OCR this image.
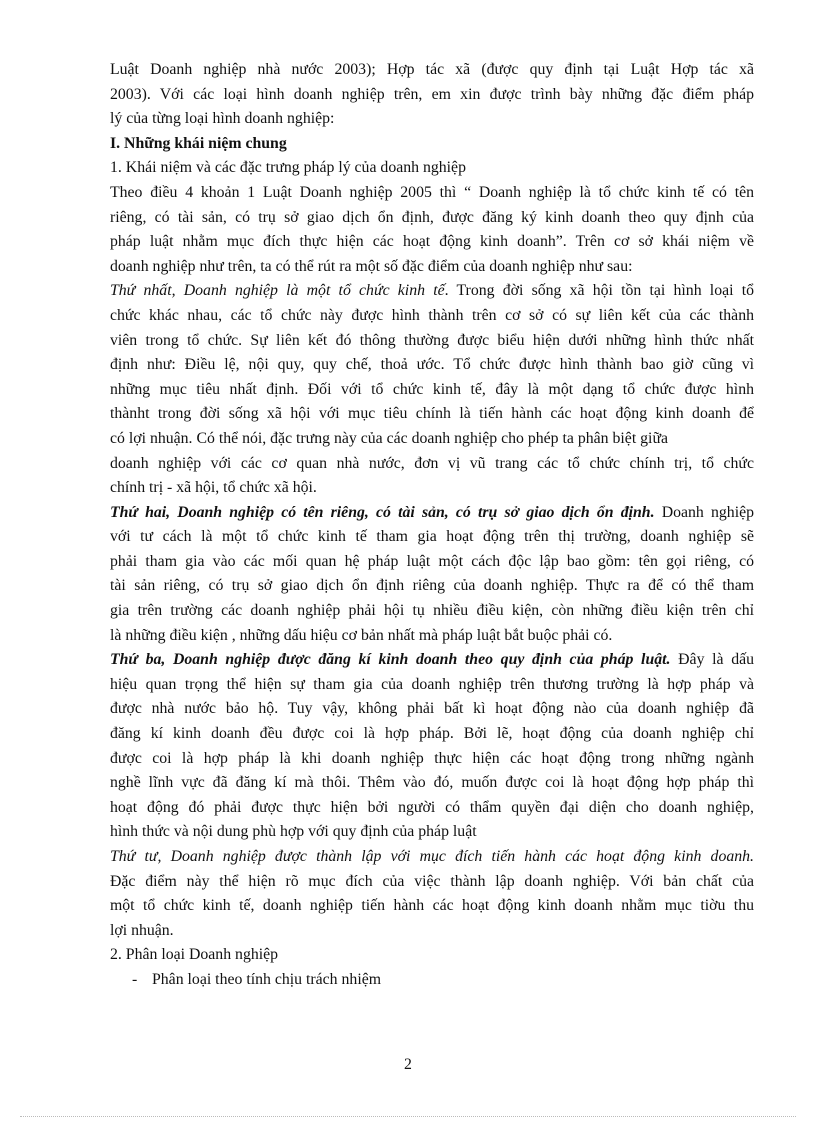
Luật Doanh nghiệp nhà nước 2003); Hợp tác xã (được quy định tại Luật Hợp tác xã
2003). Với các loại hình doanh nghiệp trên, em xin được trình bày những đặc điểm pháp
lý của từng loại hình doanh nghiệp:
I. Những khái niệm chung
1. Khái niệm và các đặc trưng pháp lý của doanh nghiệp
Theo điều 4 khoản 1 Luật Doanh nghiệp 2005 thì “ Doanh nghiệp là tổ chức kinh tế có tên
riêng, có tài sản, có trụ sở giao dịch ổn định, được đăng ký kinh doanh theo quy định của
pháp luật nhằm mục đích thực hiện các hoạt động kinh doanh”. Trên cơ sở khái niệm về
doanh nghiệp như trên, ta có thể rút ra một số đặc điểm của doanh nghiệp như sau:
Thứ nhất, Doanh nghiệp là một tổ chức kinh tế. Trong đời sống xã hội tồn tại hình loại tổ
chức khác nhau, các tổ chức này được hình thành trên cơ sở có sự liên kết của các thành
viên trong tổ chức. Sự liên kết đó thông thường được biểu hiện dưới những hình thức nhất
định như: Điều lệ, nội quy, quy chế, thoả ước. Tổ chức được hình thành bao giờ cũng vì
những mục tiêu nhất định. Đối với tổ chức kinh tế, đây là một dạng tổ chức được hình
thànht trong đời sống xã hội với mục tiêu chính là tiến hành các hoạt động kinh doanh để
có lợi nhuận. Có thể nói, đặc trưng này của các doanh nghiệp cho phép ta phân biệt giữa
doanh nghiệp với các cơ quan nhà nước, đơn vị vũ trang các tổ chức chính trị, tổ chức
chính trị - xã hội, tổ chức xã hội.
Thứ hai, Doanh nghiệp có tên riêng, có tài sản, có trụ sở giao dịch ổn định. Doanh nghiệp
với tư cách là một tổ chức kinh tế tham gia hoạt động trên thị trường, doanh nghiệp sẽ
phải tham gia vào các mối quan hệ pháp luật một cách độc lập bao gồm: tên gọi riêng, có
tài sản riêng, có trụ sở giao dịch ổn định riêng của doanh nghiệp. Thực ra để có thể tham
gia trên trường các doanh nghiệp phải hội tụ nhiều điều kiện, còn những điều kiện trên chỉ
là những điều kiện , những dấu hiệu cơ bản nhất mà pháp luật bắt buộc phải có.
Thứ ba, Doanh nghiệp được đăng kí kinh doanh theo quy định của pháp luật. Đây là dấu
hiệu quan trọng thể hiện sự tham gia của doanh nghiệp trên thương trường là hợp pháp và
được nhà nước bảo hộ. Tuy vậy, không phải bất kì hoạt động nào của doanh nghiệp đã
đăng kí kinh doanh đều được coi là hợp pháp. Bởi lẽ, hoạt động của doanh nghiệp chỉ
được coi là hợp pháp là khi doanh nghiệp thực hiện các hoạt động trong những ngành
nghề lĩnh vực đã đăng kí mà thôi. Thêm vào đó, muốn được coi là hoạt động hợp pháp thì
hoạt động đó phải được thực hiện bởi người có thẩm quyền đại diện cho doanh nghiệp,
hình thức và nội dung phù hợp với quy định của pháp luật
Thứ tư, Doanh nghiệp được thành lập với mục đích tiến hành các hoạt động kinh doanh.
Đặc điểm này thể hiện rõ mục đích của việc thành lập doanh nghiệp. Với bản chất của
một tổ chức kinh tế, doanh nghiệp tiến hành các hoạt động kinh doanh nhằm mục tiờu thu
lợi nhuận.
2. Phân loại Doanh nghiệp
- Phân loại theo tính chịu trách nhiệm
2
